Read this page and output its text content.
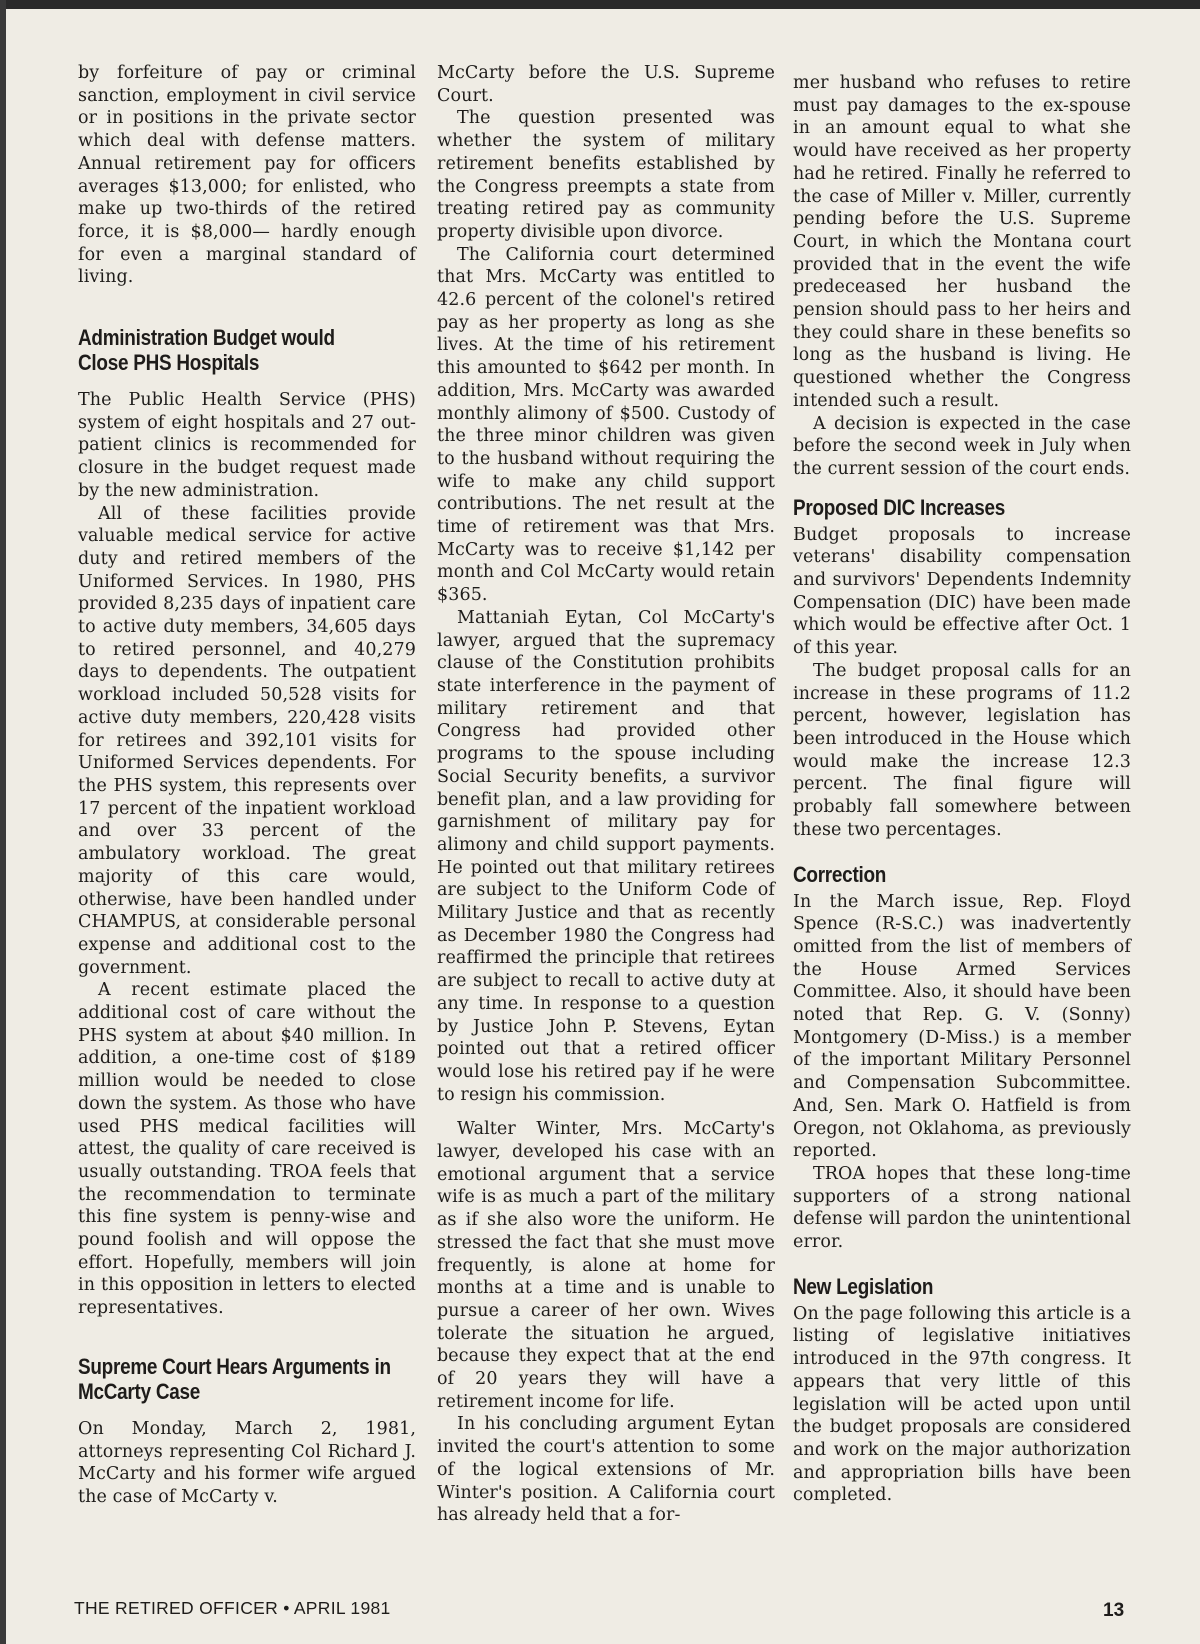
by forfeiture of pay or criminal sanction, employment in civil service or in positions in the private sector which deal with defense matters. Annual retirement pay for officers averages $13,000; for enlisted, who make up two-thirds of the retired force, it is $8,000— hardly enough for even a marginal standard of living.

Administration Budget would Close PHS Hospitals

The Public Health Service (PHS) system of eight hospitals and 27 out-patient clinics is recommended for closure in the budget request made by the new administration.

All of these facilities provide valuable medical service for active duty and retired members of the Uniformed Services. In 1980, PHS provided 8,235 days of inpatient care to active duty members, 34,605 days to retired personnel, and 40,279 days to dependents. The outpatient workload included 50,528 visits for active duty members, 220,428 visits for retirees and 392,101 visits for Uniformed Services dependents. For the PHS system, this represents over 17 percent of the inpatient workload and over 33 percent of the ambulatory workload. The great majority of this care would, otherwise, have been handled under CHAMPUS, at considerable personal expense and additional cost to the government.

A recent estimate placed the additional cost of care without the PHS system at about $40 million. In addition, a one-time cost of $189 million would be needed to close down the system. As those who have used PHS medical facilities will attest, the quality of care received is usually outstanding. TROA feels that the recommendation to terminate this fine system is penny-wise and pound foolish and will oppose the effort. Hopefully, members will join in this opposition in letters to elected representatives.

Supreme Court Hears Arguments in McCarty Case

On Monday, March 2, 1981, attorneys representing Col Richard J. McCarty and his former wife argued the case of McCarty v.

McCarty before the U.S. Supreme Court.

The question presented was whether the system of military retirement benefits established by the Congress preempts a state from treating retired pay as community property divisible upon divorce.

The California court determined that Mrs. McCarty was entitled to 42.6 percent of the colonel's retired pay as her property as long as she lives. At the time of his retirement this amounted to $642 per month. In addition, Mrs. McCarty was awarded monthly alimony of $500. Custody of the three minor children was given to the husband without requiring the wife to make any child support contributions. The net result at the time of retirement was that Mrs. McCarty was to receive $1,142 per month and Col McCarty would retain $365.

Mattaniah Eytan, Col McCarty's lawyer, argued that the supremacy clause of the Constitution prohibits state interference in the payment of military retirement and that Congress had provided other programs to the spouse including Social Security benefits, a survivor benefit plan, and a law providing for garnishment of military pay for alimony and child support payments. He pointed out that military retirees are subject to the Uniform Code of Military Justice and that as recently as December 1980 the Congress had reaffirmed the principle that retirees are subject to recall to active duty at any time. In response to a question by Justice John P. Stevens, Eytan pointed out that a retired officer would lose his retired pay if he were to resign his commission.

Walter Winter, Mrs. McCarty's lawyer, developed his case with an emotional argument that a service wife is as much a part of the military as if she also wore the uniform. He stressed the fact that she must move frequently, is alone at home for months at a time and is unable to pursue a career of her own. Wives tolerate the situation he argued, because they expect that at the end of 20 years they will have a retirement income for life.

In his concluding argument Eytan invited the court's attention to some of the logical extensions of Mr. Winter's position. A California court has already held that a for-

mer husband who refuses to retire must pay damages to the ex-spouse in an amount equal to what she would have received as her property had he retired. Finally he referred to the case of Miller v. Miller, currently pending before the U.S. Supreme Court, in which the Montana court provided that in the event the wife predeceased her husband the pension should pass to her heirs and they could share in these benefits so long as the husband is living. He questioned whether the Congress intended such a result.

A decision is expected in the case before the second week in July when the current session of the court ends.

Proposed DIC Increases

Budget proposals to increase veterans' disability compensation and survivors' Dependents Indemnity Compensation (DIC) have been made which would be effective after Oct. 1 of this year.

The budget proposal calls for an increase in these programs of 11.2 percent, however, legislation has been introduced in the House which would make the increase 12.3 percent. The final figure will probably fall somewhere between these two percentages.

Correction

In the March issue, Rep. Floyd Spence (R-S.C.) was inadvertently omitted from the list of members of the House Armed Services Committee. Also, it should have been noted that Rep. G. V. (Sonny) Montgomery (D-Miss.) is a member of the important Military Personnel and Compensation Subcommittee. And, Sen. Mark O. Hatfield is from Oregon, not Oklahoma, as previously reported.

TROA hopes that these long-time supporters of a strong national defense will pardon the unintentional error.

New Legislation

On the page following this article is a listing of legislative initiatives introduced in the 97th congress. It appears that very little of this legislation will be acted upon until the budget proposals are considered and work on the major authorization and appropriation bills have been completed.

THE RETIRED OFFICER • APRIL 1981	13
